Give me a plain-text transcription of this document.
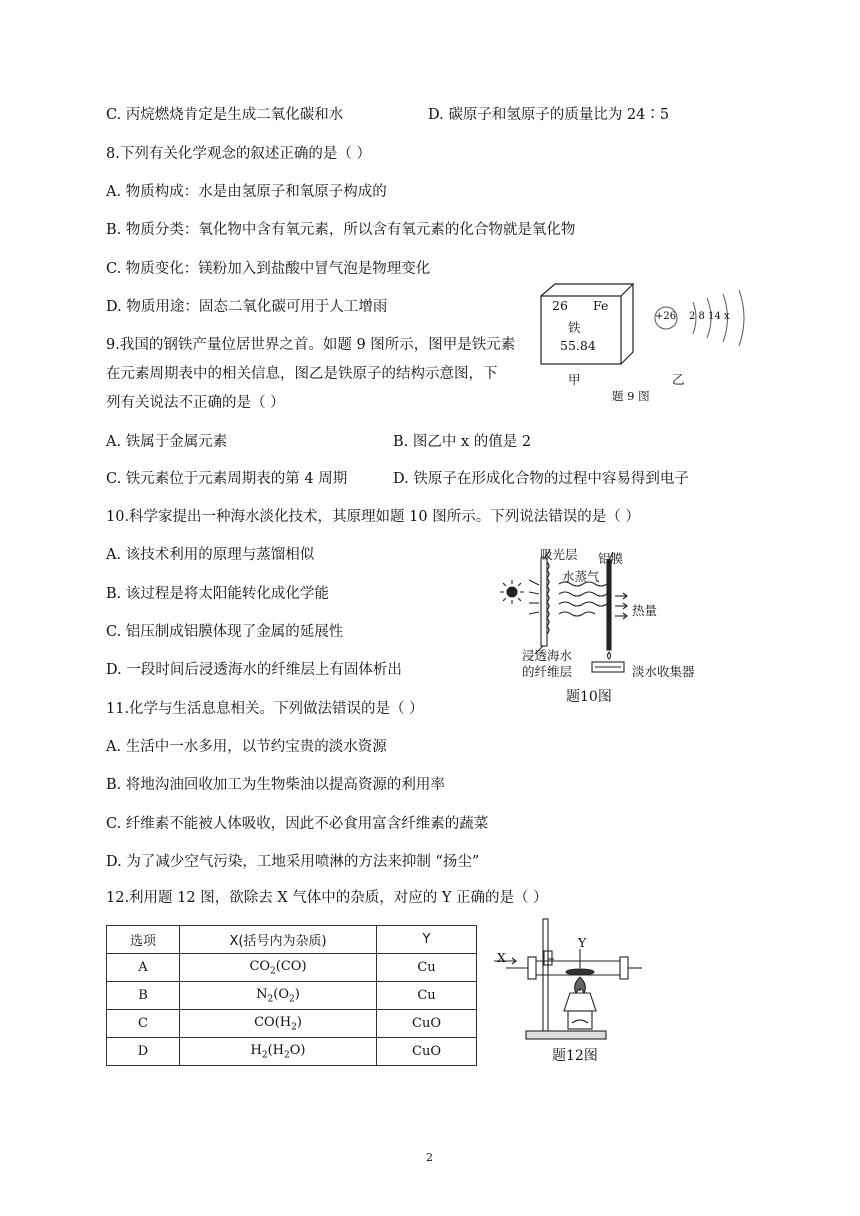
C. 丙烷燃烧肯定是生成二氧化碳和水	D. 碳原子和氢原子的质量比为 24∶5
8.下列有关化学观念的叙述正确的是（ ）
A. 物质构成：水是由氢原子和氧原子构成的
B. 物质分类：氧化物中含有氧元素，所以含有氧元素的化合物就是氧化物
C. 物质变化：镁粉加入到盐酸中冒气泡是物理变化
D. 物质用途：固态二氧化碳可用于人工增雨
9.我国的钢铁产量位居世界之首。如题 9 图所示，图甲是铁元素
在元素周期表中的相关信息，图乙是铁原子的结构示意图，下
列有关说法不正确的是（ ）
A. 铁属于金属元素	B. 图乙中 x 的值是 2
C. 铁元素位于元素周期表的第 4 周期	D. 铁原子在形成化合物的过程中容易得到电子
26 Fe
铁
55.84
+26 2 8 14 x
甲	乙
题 9 图
10.科学家提出一种海水淡化技术，其原理如题 10 图所示。下列说法错误的是（ ）
A. 该技术利用的原理与蒸馏相似
B. 该过程是将太阳能转化成化学能
C. 铝压制成铝膜体现了金属的延展性
D. 一段时间后浸透海水的纤维层上有固体析出
吸光层 铝膜
水蒸气
热量
浸透海水
的纤维层	淡水收集器
题10图
11.化学与生活息息相关。下列做法错误的是（ ）
A. 生活中一水多用，以节约宝贵的淡水资源
B. 将地沟油回收加工为生物柴油以提高资源的利用率
C. 纤维素不能被人体吸收，因此不必食用富含纤维素的蔬菜
D. 为了减少空气污染，工地采用喷淋的方法来抑制 “扬尘”
12.利用题 12 图，欲除去 X 气体中的杂质，对应的 Y 正确的是（ ）
选项	X(括号内为杂质)	Y
A	$CO_2(CO)$	Cu
B	$N_2(O_2)$	Cu
C	$CO(H_2)$	CuO
D	$H_2(H_2O)$	CuO
X
Y
题12图
2
